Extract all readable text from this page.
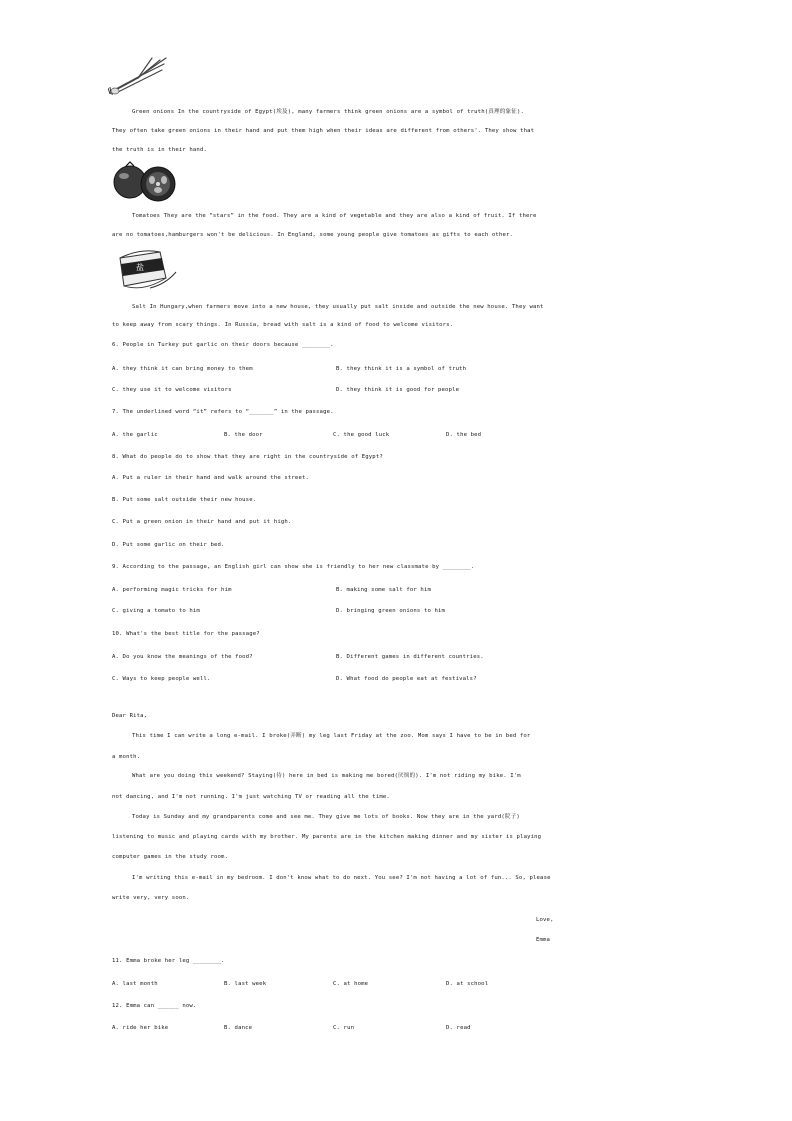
Green onions In the countryside of Egypt(埃及), many farmers think green onions are a symbol of truth(真理的象征).
They often take green onions in their hand and put them high when their ideas are different from others'. They show that
the truth is in their hand.
Tomatoes They are the “stars” in the food. They are a kind of vegetable and they are also a kind of fruit. If there
are no tomatoes,hamburgers won't be delicious. In England, some young people give tomatoes as gifts to each other.
盐
Salt In Hungary,when farmers move into a new house, they usually put salt inside and outside the new house. They want
to keep away from scary things. In Russia, bread with salt is a kind of food to welcome visitors.
6. People in Turkey put garlic on their doors because ________.
A. they think it can bring money to them	B. they think it is a symbol of truth
C. they use it to welcome visitors	D. they think it is good for people
7. The underlined word “it” refers to “_______” in the passage.
A. the garlic	B. the door	C. the good luck	D. the bed
8. What do people do to show that they are right in the countryside of Egypt?
A. Put a ruler in their hand and walk around the street.
B. Put some salt outside their new house.
C. Put a green onion in their hand and put it high.
D. Put some garlic on their bed.
9. According to the passage, an English girl can show she is friendly to her new classmate by ________.
A. performing magic tricks for him	B. making some salt for him
C. giving a tomato to him	D. bringing green onions to him
10. What's the best title for the passage?
A. Do you know the meanings of the food?	B. Different games in different countries.
C. Ways to keep people well.	D. What food do people eat at festivals?
Dear Rita,
This time I can write a long e-mail. I broke(弄断) my leg last Friday at the zoo. Mom says I have to be in bed for
a month.
What are you doing this weekend? Staying(待) here in bed is making me bored(厌烦的). I'm not riding my bike. I'm
not dancing, and I'm not running. I'm just watching TV or reading all the time.
Today is Sunday and my grandparents come and see me. They give me lots of books. Now they are in the yard(院子)
listening to music and playing cards with my brother. My parents are in the kitchen making dinner and my sister is playing
computer games in the study room.
I'm writing this e-mail in my bedroom. I don't know what to do next. You see? I'm not having a lot of fun... So, please
write very, very soon.
Love,
Emma
11. Emma broke her leg ________.
A. last month	B. last week	C. at home	D. at school
12. Emma can ______ now.
A. ride her bike	B. dance	C. run	D. read
